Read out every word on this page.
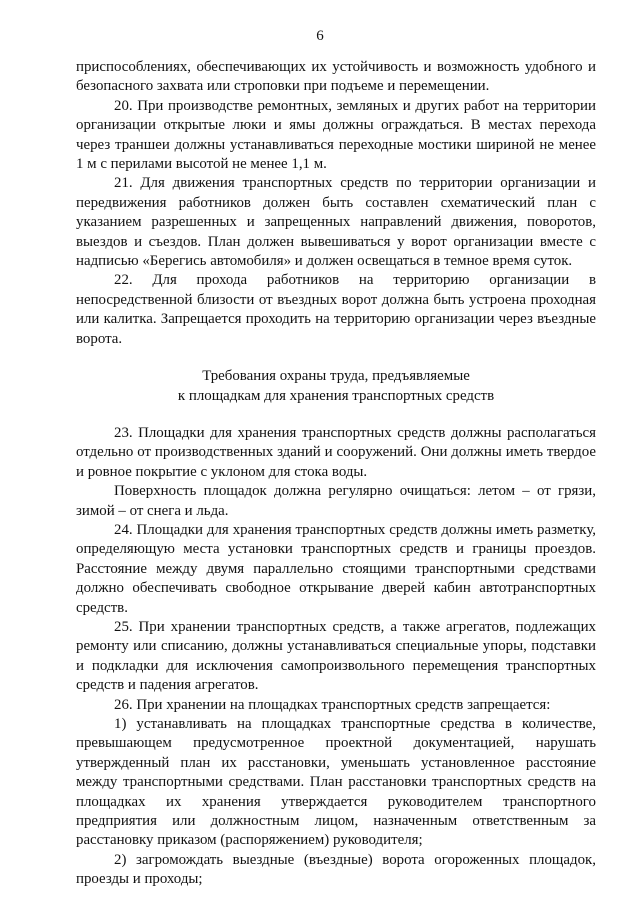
6

приспособлениях, обеспечивающих их устойчивость и возможность удобного и безопасного захвата или строповки при подъеме и перемещении.

20. При производстве ремонтных, земляных и других работ на территории организации открытые люки и ямы должны ограждаться. В местах перехода через траншеи должны устанавливаться переходные мостики шириной не менее 1 м с перилами высотой не менее 1,1 м.

21. Для движения транспортных средств по территории организации и передвижения работников должен быть составлен схематический план с указанием разрешенных и запрещенных направлений движения, поворотов, выездов и съездов. План должен вывешиваться у ворот организации вместе с надписью «Берегись автомобиля» и должен освещаться в темное время суток.

22. Для прохода работников на территорию организации в непосредственной близости от въездных ворот должна быть устроена проходная или калитка. Запрещается проходить на территорию организации через въездные ворота.

Требования охраны труда, предъявляемые
к площадкам для хранения транспортных средств

23. Площадки для хранения транспортных средств должны располагаться отдельно от производственных зданий и сооружений. Они должны иметь твердое и ровное покрытие с уклоном для стока воды.

Поверхность площадок должна регулярно очищаться: летом – от грязи, зимой – от снега и льда.

24. Площадки для хранения транспортных средств должны иметь разметку, определяющую места установки транспортных средств и границы проездов. Расстояние между двумя параллельно стоящими транспортными средствами должно обеспечивать свободное открывание дверей кабин автотранспортных средств.

25. При хранении транспортных средств, а также агрегатов, подлежащих ремонту или списанию, должны устанавливаться специальные упоры, подставки и подкладки для исключения самопроизвольного перемещения транспортных средств и падения агрегатов.

26. При хранении на площадках транспортных средств запрещается:

1) устанавливать на площадках транспортные средства в количестве, превышающем предусмотренное проектной документацией, нарушать утвержденный план их расстановки, уменьшать установленное расстояние между транспортными средствами. План расстановки транспортных средств на площадках их хранения утверждается руководителем транспортного предприятия или должностным лицом, назначенным ответственным за расстановку приказом (распоряжением) руководителя;

2) загромождать выездные (въездные) ворота огороженных площадок, проезды и проходы;
